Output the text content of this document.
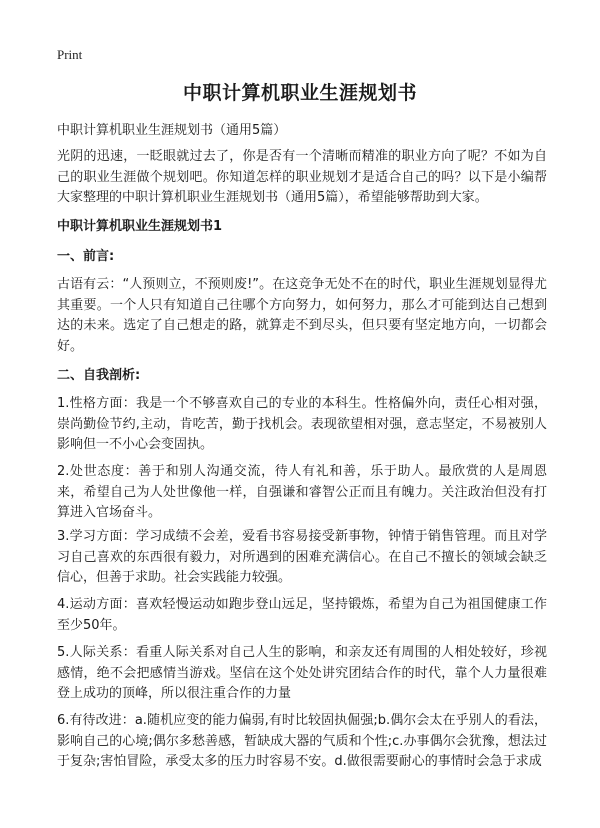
Print
中职计算机职业生涯规划书

中职计算机职业生涯规划书（通用5篇）

光阴的迅速，一眨眼就过去了，你是否有一个清晰而精准的职业方向了呢？不如为自己的职业生涯做个规划吧。你知道怎样的职业规划才是适合自己的吗？以下是小编帮大家整理的中职计算机职业生涯规划书（通用5篇），希望能够帮助到大家。

中职计算机职业生涯规划书1

一、前言:

古语有云：“人预则立，不预则废!”。在这竞争无处不在的时代，职业生涯规划显得尤其重要。一个人只有知道自己往哪个方向努力，如何努力，那么才可能到达自己想到达的未来。选定了自己想走的路，就算走不到尽头，但只要有坚定地方向，一切都会好。

二、自我剖析:

1.性格方面：我是一个不够喜欢自己的专业的本科生。性格偏外向，责任心相对强，崇尚勤俭节约,主动，肯吃苦，勤于找机会。表现欲望相对强，意志坚定，不易被别人影响但一不小心会变固执。

2.处世态度：善于和别人沟通交流，待人有礼和善，乐于助人。最欣赏的人是周恩来，希望自己为人处世像他一样，自强谦和睿智公正而且有魄力。关注政治但没有打算进入官场奋斗。

3.学习方面：学习成绩不会差，爱看书容易接受新事物，钟情于销售管理。而且对学习自己喜欢的东西很有毅力，对所遇到的困难充满信心。在自己不擅长的领域会缺乏信心，但善于求助。社会实践能力较强。

4.运动方面：喜欢轻慢运动如跑步登山远足，坚持锻炼，希望为自己为祖国健康工作至少50年。

5.人际关系：看重人际关系对自己人生的影响，和亲友还有周围的人相处较好，珍视感情，绝不会把感情当游戏。坚信在这个处处讲究团结合作的时代，靠个人力量很难登上成功的顶峰，所以很注重合作的力量

6.有待改进：a.随机应变的能力偏弱,有时比较固执倔强;b.偶尔会太在乎别人的看法，影响自己的心境;偶尔多愁善感，暂缺成大器的气质和个性;c.办事偶尔会犹豫，想法过于复杂;害怕冒险，承受太多的压力时容易不安。d.做很需要耐心的事情时会急于求成
